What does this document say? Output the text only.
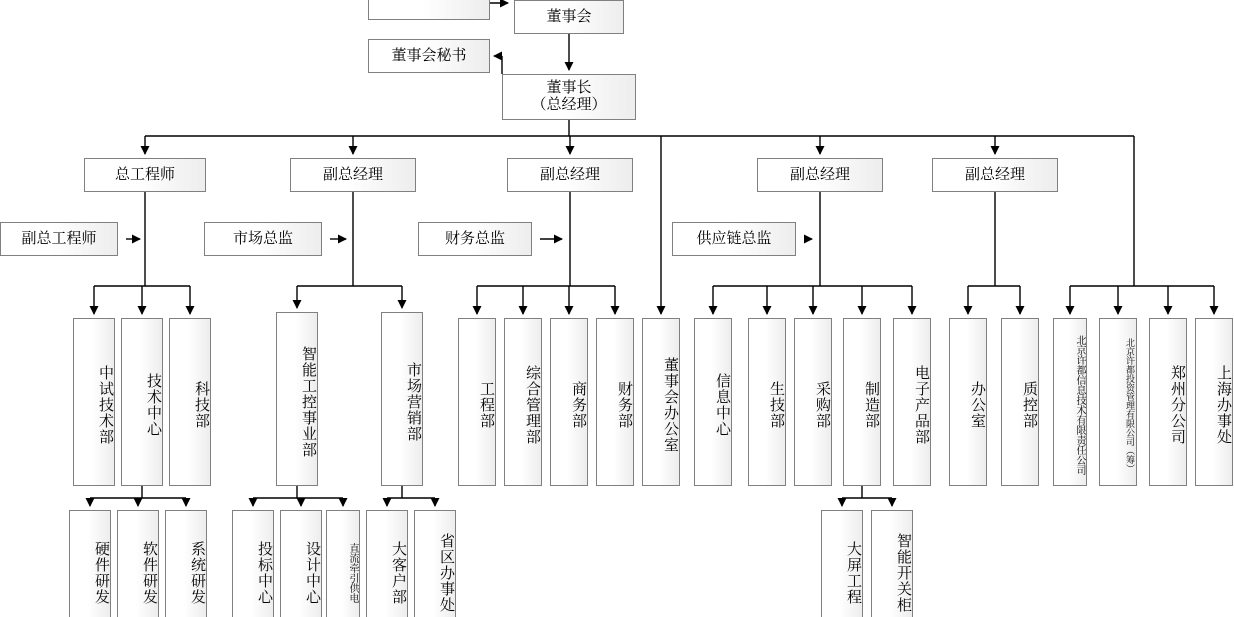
董事会
董事会秘书
董事长
（总经理）
总工程师	副总经理	副总经理	副总经理	副总经理
副总工程师	市场总监	财务总监	供应链总监
中试技术部 技术中心 科技部	智能工控事业部	市场营销部	工程部 综合管理部 商务部 财务部 董事会办公室 信息中心 生技部 采购部 制造部 电子产品部	办公室 质控部	北京许都信息技术有限责任公司	北京许都投资管理有限公司（筹） 郑州分公司 上海办事处
硬件研发 软件研发 系统研发	投标中心 设计中心	直流牵引供电 大客户部 省区办事处	大屏工程 智能开关柜
